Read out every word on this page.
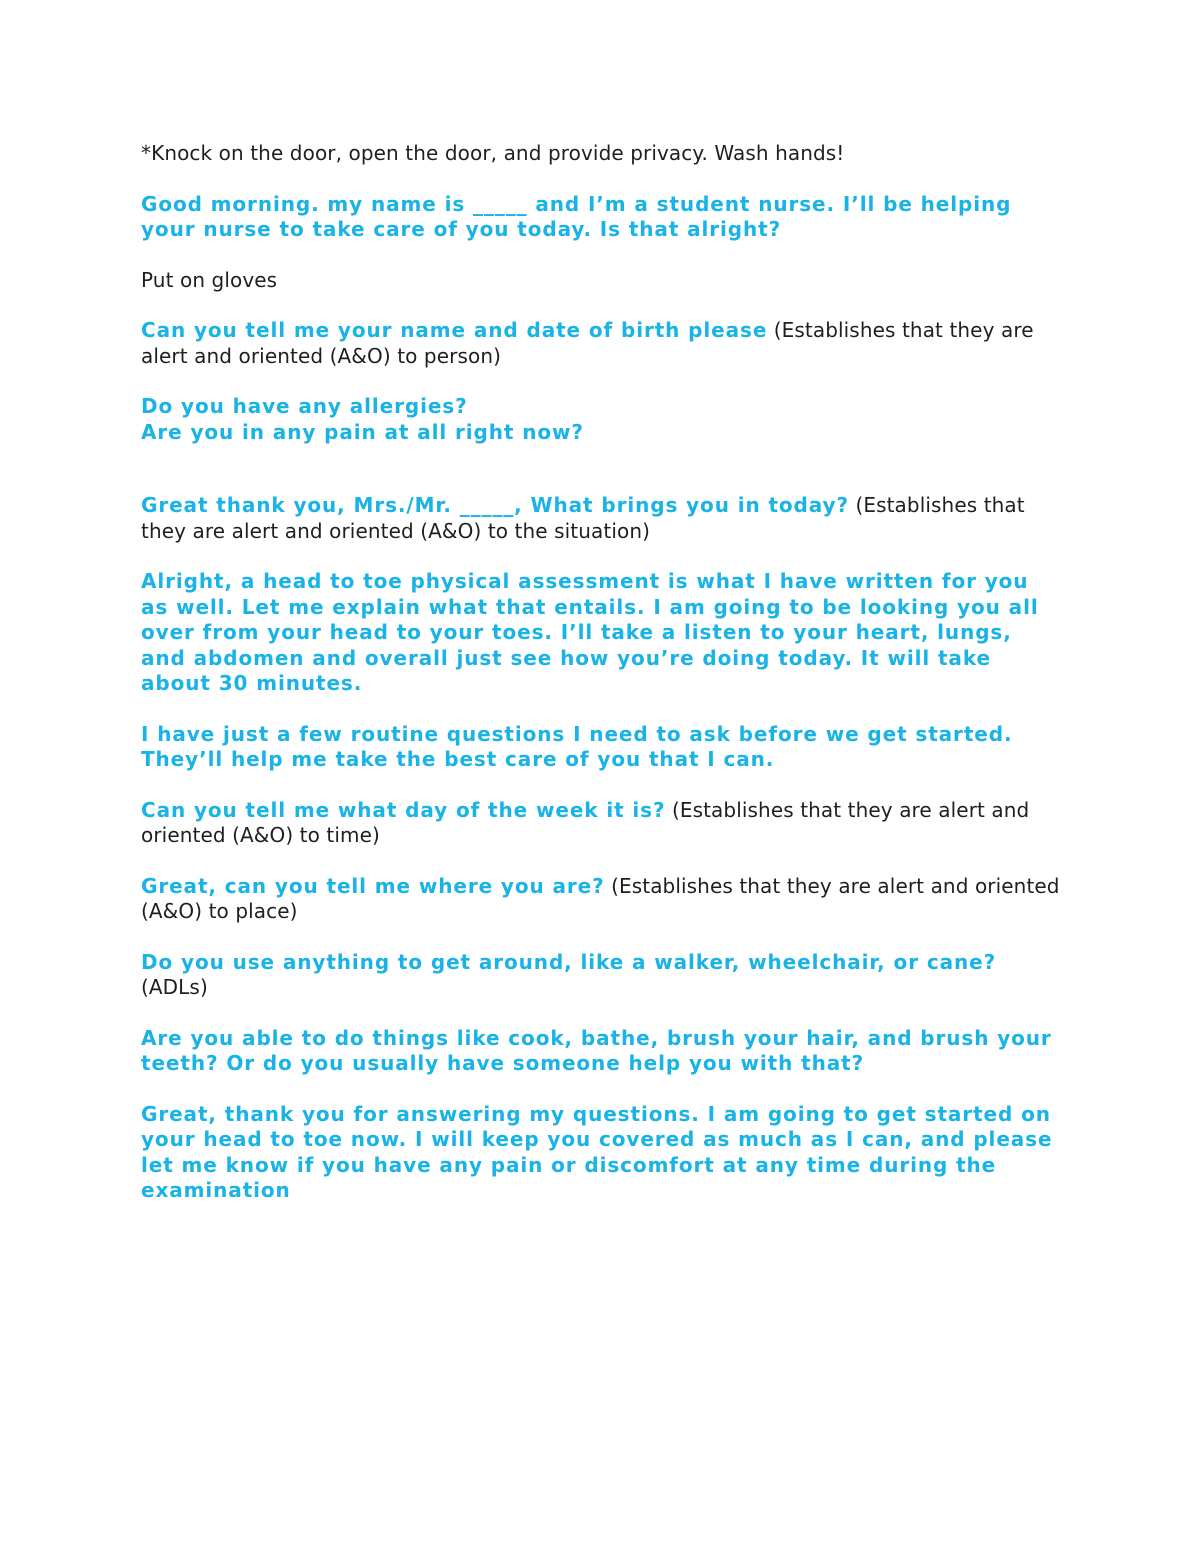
*Knock on the door, open the door, and provide privacy. Wash hands!

Good morning. my name is _____ and I’m a student nurse. I’ll be helping your nurse to take care of you today. Is that alright?

Put on gloves

Can you tell me your name and date of birth please (Establishes that they are alert and oriented (A&O) to person)

Do you have any allergies?
Are you in any pain at all right now?

Great thank you, Mrs./Mr. _____, What brings you in today? (Establishes that they are alert and oriented (A&O) to the situation)

Alright, a head to toe physical assessment is what I have written for you as well. Let me explain what that entails. I am going to be looking you all over from your head to your toes. I’ll take a listen to your heart, lungs, and abdomen and overall just see how you’re doing today. It will take about 30 minutes.

I have just a few routine questions I need to ask before we get started. They’ll help me take the best care of you that I can.

Can you tell me what day of the week it is? (Establishes that they are alert and oriented (A&O) to time)

Great, can you tell me where you are? (Establishes that they are alert and oriented (A&O) to place)

Do you use anything to get around, like a walker, wheelchair, or cane?
(ADLs)

Are you able to do things like cook, bathe, brush your hair, and brush your teeth? Or do you usually have someone help you with that?

Great, thank you for answering my questions. I am going to get started on your head to toe now. I will keep you covered as much as I can, and please let me know if you have any pain or discomfort at any time during the examination
